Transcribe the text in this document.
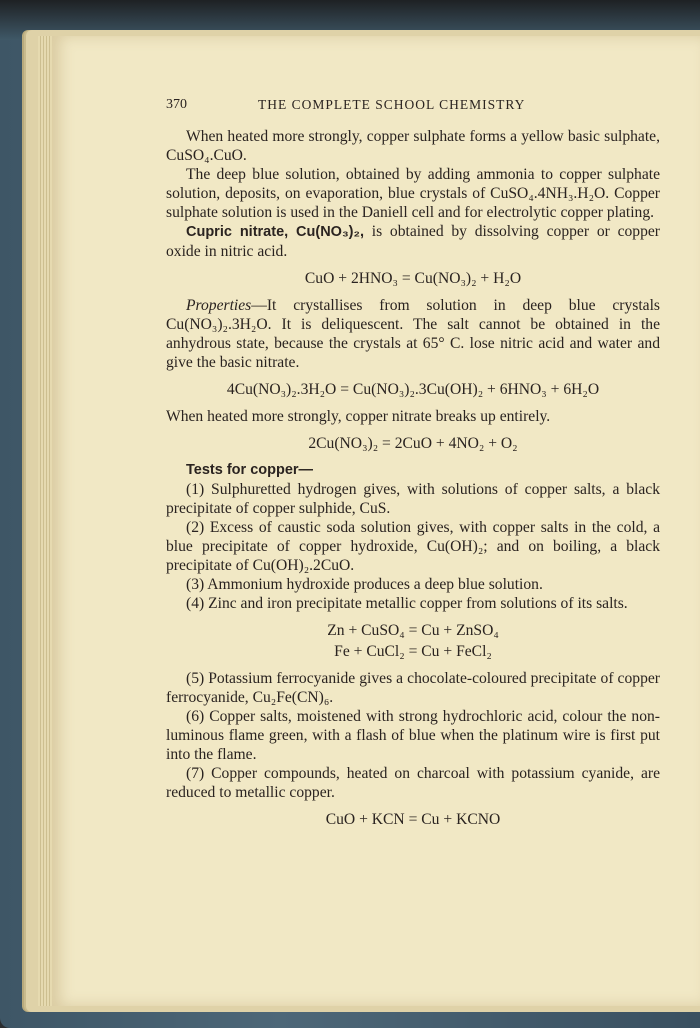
370	THE COMPLETE SCHOOL CHEMISTRY

When heated more strongly, copper sulphate forms a yellow basic sulphate, CuSO₄.CuO.

The deep blue solution, obtained by adding ammonia to copper sulphate solution, deposits, on evaporation, blue crystals of CuSO₄.4NH₃.H₂O. Copper sulphate solution is used in the Daniell cell and for electrolytic copper plating.

Cupric nitrate, Cu(NO₃)₂, is obtained by dissolving copper or copper oxide in nitric acid.

CuO + 2HNO₃ = Cu(NO₃)₂ + H₂O

Properties—It crystallises from solution in deep blue crystals Cu(NO₃)₂.3H₂O. It is deliquescent. The salt cannot be obtained in the anhydrous state, because the crystals at 65° C. lose nitric acid and water and give the basic nitrate.

4Cu(NO₃)₂.3H₂O = Cu(NO₃)₂.3Cu(OH)₂ + 6HNO₃ + 6H₂O

When heated more strongly, copper nitrate breaks up entirely.

2Cu(NO₃)₂ = 2CuO + 4NO₂ + O₂

Tests for copper—

(1) Sulphuretted hydrogen gives, with solutions of copper salts, a black precipitate of copper sulphide, CuS.

(2) Excess of caustic soda solution gives, with copper salts in the cold, a blue precipitate of copper hydroxide, Cu(OH)₂; and on boiling, a black precipitate of Cu(OH)₂.2CuO.

(3) Ammonium hydroxide produces a deep blue solution.

(4) Zinc and iron precipitate metallic copper from solutions of its salts.

Zn + CuSO₄ = Cu + ZnSO₄
Fe + CuCl₂ = Cu + FeCl₂

(5) Potassium ferrocyanide gives a chocolate-coloured precipitate of copper ferrocyanide, Cu₂Fe(CN)₆.

(6) Copper salts, moistened with strong hydrochloric acid, colour the non-luminous flame green, with a flash of blue when the platinum wire is first put into the flame.

(7) Copper compounds, heated on charcoal with potassium cyanide, are reduced to metallic copper.

CuO + KCN = Cu + KCNO
